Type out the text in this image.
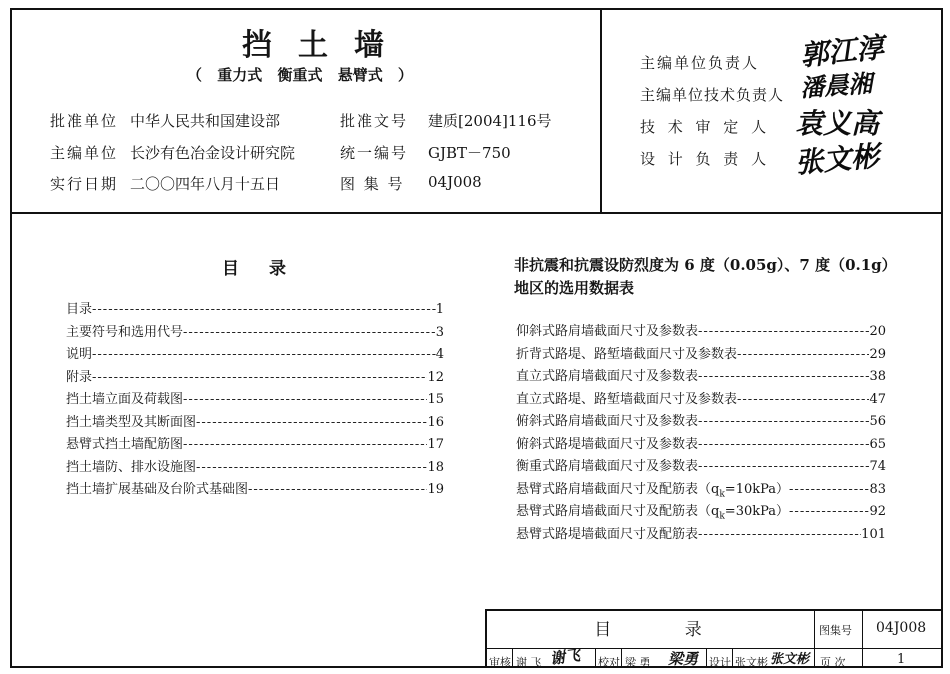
挡土墙
（ 重力式 衡重式 悬臂式 ）
批准单位 中华人民共和国建设部	批准文号 建质[2004]116号
主编单位 长沙有色冶金设计研究院	统一编号 GJBT－750
实行日期 二〇〇四年八月十五日	图 集 号 04J008
主编单位负责人 郭江淳
主编单位技术负责人 潘晨湘
技 术 审 定 人 袁义高
设 计 负 责 人 张文彬
目 录
目录 -----	1
主要符号和选用代号 -----	3
说明 -----	4
附录 -----	12
挡土墙立面及荷载图 -----	15
挡土墙类型及其断面图 -----	16
悬臂式挡土墙配筋图 -----	17
挡土墙防、排水设施图 -----	18
挡土墙扩展基础及台阶式基础图 -----	19
非抗震和抗震设防烈度为 6 度（0.05g）、7 度（0.1g）
地区的选用数据表
仰斜式路肩墙截面尺寸及参数表 -----	20
折背式路堤、路堑墙截面尺寸及参数表 -----	29
直立式路肩墙截面尺寸及参数表 -----	38
直立式路堤、路堑墙截面尺寸及参数表 -----	47
俯斜式路肩墙截面尺寸及参数表 -----	56
俯斜式路堤墙截面尺寸及参数表 -----	65
衡重式路肩墙截面尺寸及参数表 -----	74
悬臂式路肩墙截面尺寸及配筋表$(q_k=10kPa)$ -----	83
悬臂式路肩墙截面尺寸及配筋表$(q_k=30kPa)$ -----	92
悬臂式路堤墙截面尺寸及配筋表 -----	101
目 录	图集号 04J008
审核 谢 飞 谢飞 校对 梁 勇 梁勇 设计 张文彬 张文彬 页 次	1
